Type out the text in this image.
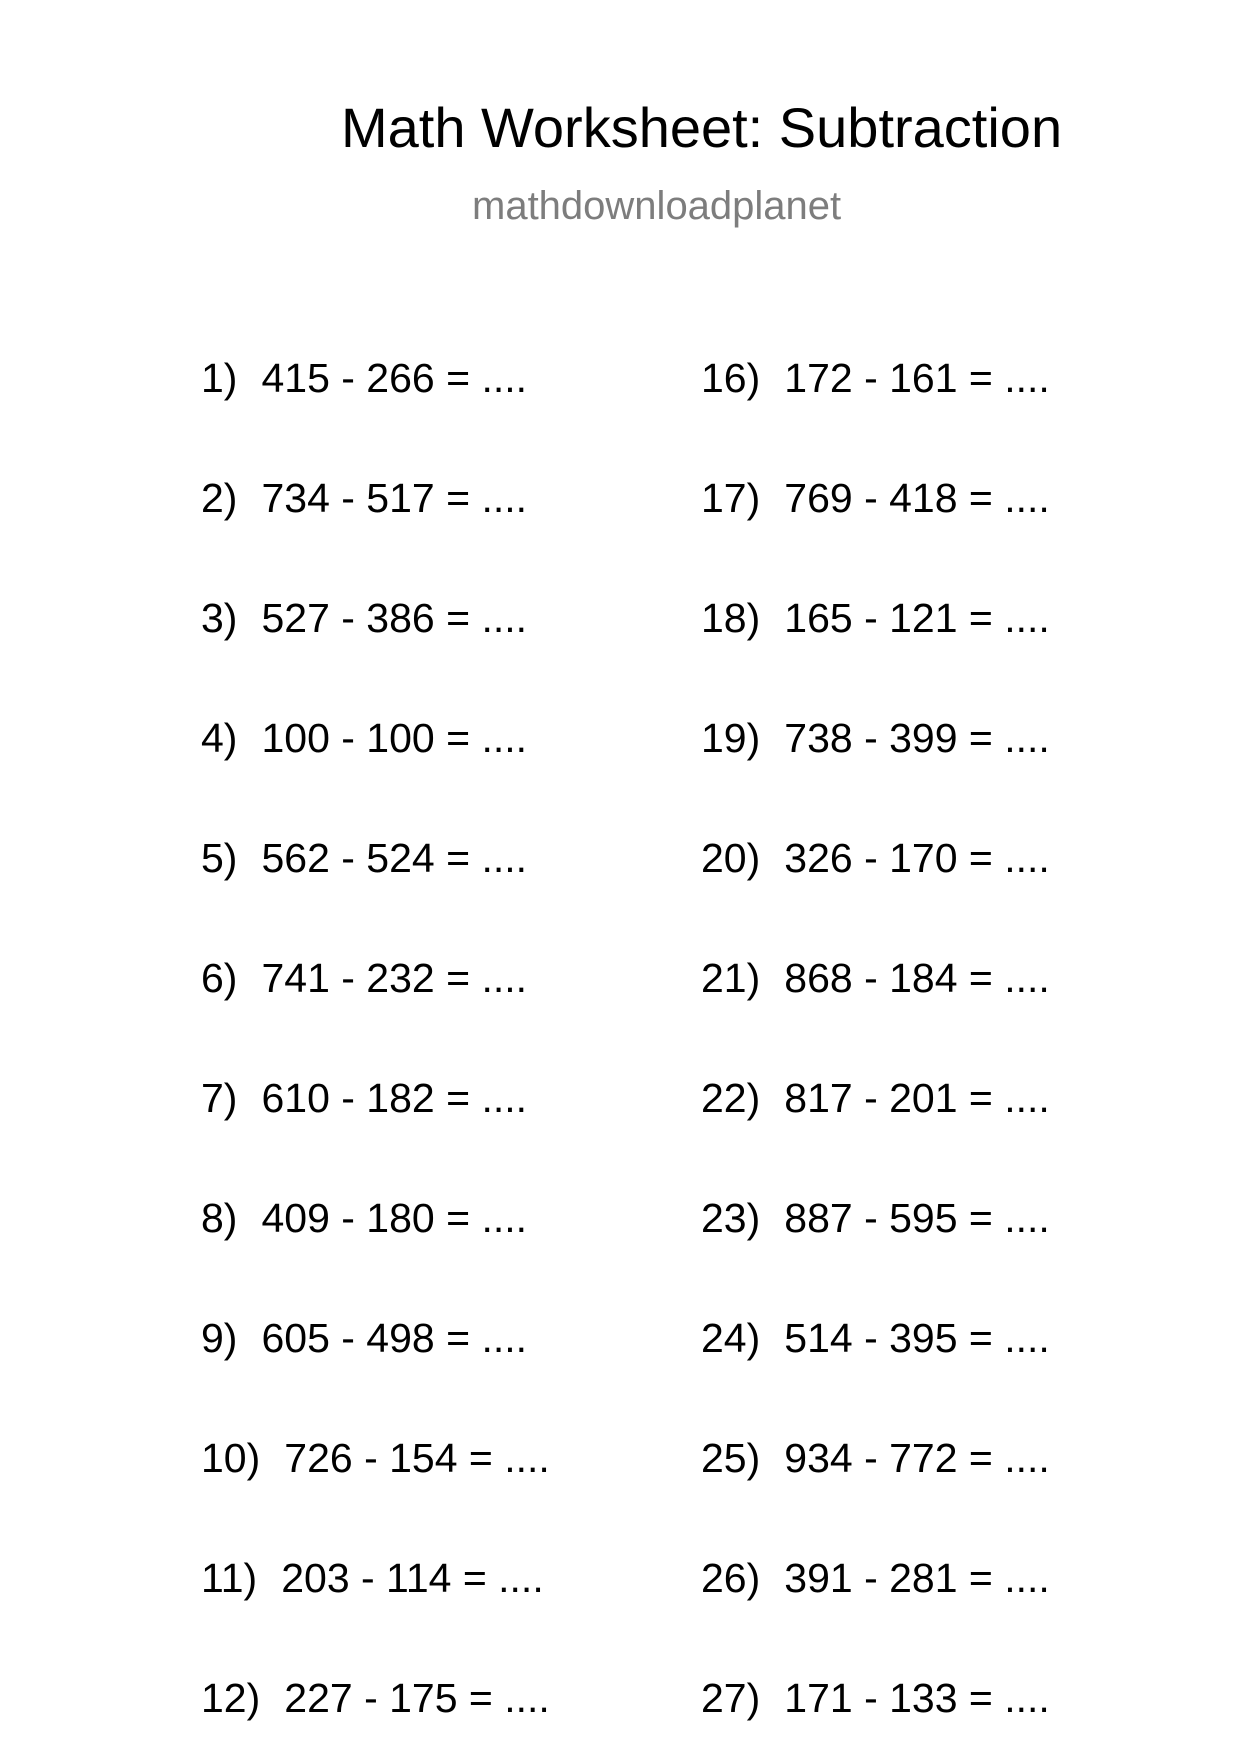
Math Worksheet: Subtraction
mathdownloadplanet
1) 415 - 266 = ....
2) 734 - 517 = ....
3) 527 - 386 = ....
4) 100 - 100 = ....
5) 562 - 524 = ....
6) 741 - 232 = ....
7) 610 - 182 = ....
8) 409 - 180 = ....
9) 605 - 498 = ....
10) 726 - 154 = ....
11) 203 - 114 = ....
12) 227 - 175 = ....
16) 172 - 161 = ....
17) 769 - 418 = ....
18) 165 - 121 = ....
19) 738 - 399 = ....
20) 326 - 170 = ....
21) 868 - 184 = ....
22) 817 - 201 = ....
23) 887 - 595 = ....
24) 514 - 395 = ....
25) 934 - 772 = ....
26) 391 - 281 = ....
27) 171 - 133 = ....
